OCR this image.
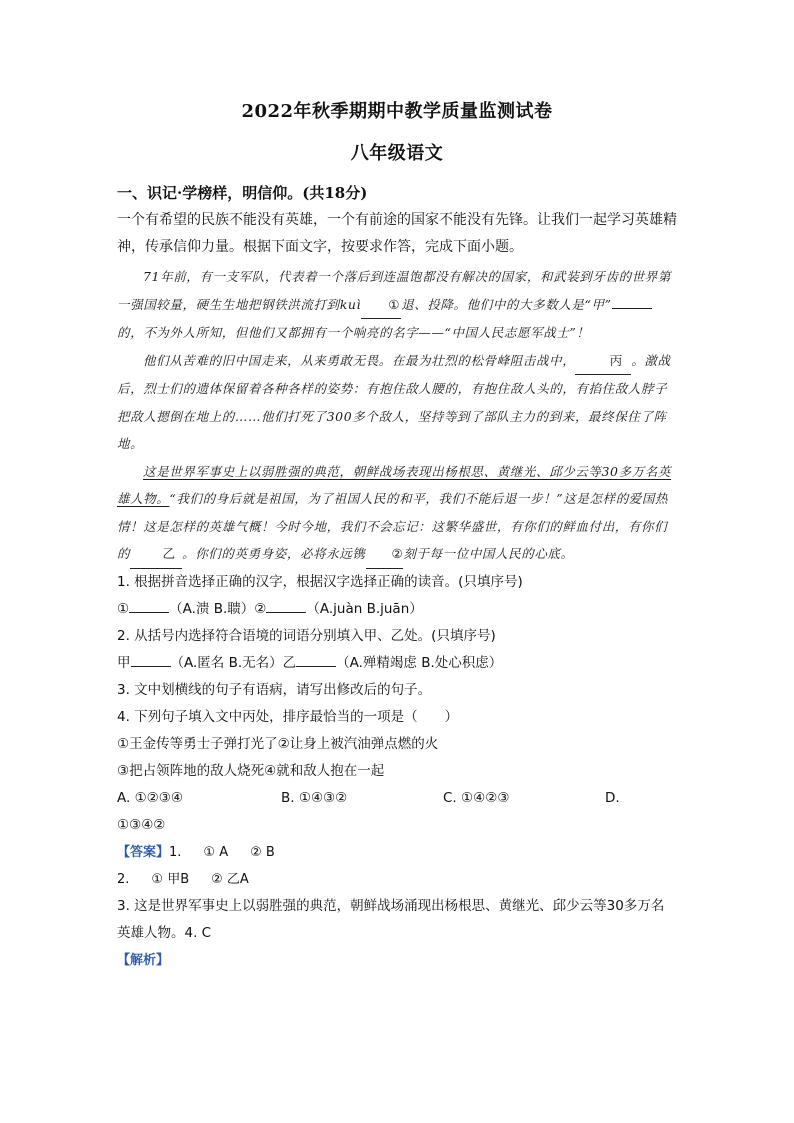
2022年秋季期期中教学质量监测试卷
八年级语文
一、识记·学榜样，明信仰。(共18分)
一个有希望的民族不能没有英雄，一个有前途的国家不能没有先锋。让我们一起学习英雄精神，传承信仰力量。根据下面文字，按要求作答，完成下面小题。

71年前，有一支军队，代表着一个落后到连温饱都没有解决的国家，和武装到牙齿的世界第一强国较量，硬生生地把钢铁洪流打到kuì ①退、投降。他们中的大多数人是“甲”的，不为外人所知，但他们又都拥有一个响亮的名字——“中国人民志愿军战士”！

他们从苦难的旧中国走来，从来勇敢无畏。在最为壮烈的松骨峰阻击战中，	丙 。激战后，烈士们的遗体保留着各种各样的姿势：有抱住敌人腰的，有抱住敌人头的，有掐住敌人脖子把敌人摁倒在地上的……他们打死了300多个敌人，坚持等到了部队主力的到来，最终保住了阵地。

这是世界军事史上以弱胜强的典范，朝鲜战场表现出杨根思、黄继光、邱少云等30多万名英雄人物。“我们的身后就是祖国，为了祖国人民的和平，我们不能后退一步！”这是怎样的爱国热情！这是怎样的英雄气概！今时今地，我们不会忘记：这繁华盛世，有你们的鲜血付出，有你们的	乙 。你们的英勇身姿，必将永远镌 ②刻于每一位中国人民的心底。

1. 根据拼音选择正确的汉字，根据汉字选择正确的读音。(只填序号)

①	（A.溃 B.聩）②	（A.juàn B.juān）

2. 从括号内选择符合语境的词语分别填入甲、乙处。(只填序号)

甲	（A.匿名 B.无名）乙	（A.殚精竭虑 B.处心积虑）

3. 文中划横线的句子有语病，请写出修改后的句子。

4. 下列句子填入文中丙处，排序最恰当的一项是（　　）

①王金传等勇士子弹打光了②让身上被汽油弹点燃的火

③把占领阵地的敌人烧死④就和敌人抱在一起

A. ①②③④	B. ①④③②	C. ①④②③	D.

①③④②

【答案】1. ① A ② B

2. ① 甲B ② 乙A

3. 这是世界军事史上以弱胜强的典范，朝鲜战场涌现出杨根思、黄继光、邱少云等30多万名英雄人物。4. C

【解析】
